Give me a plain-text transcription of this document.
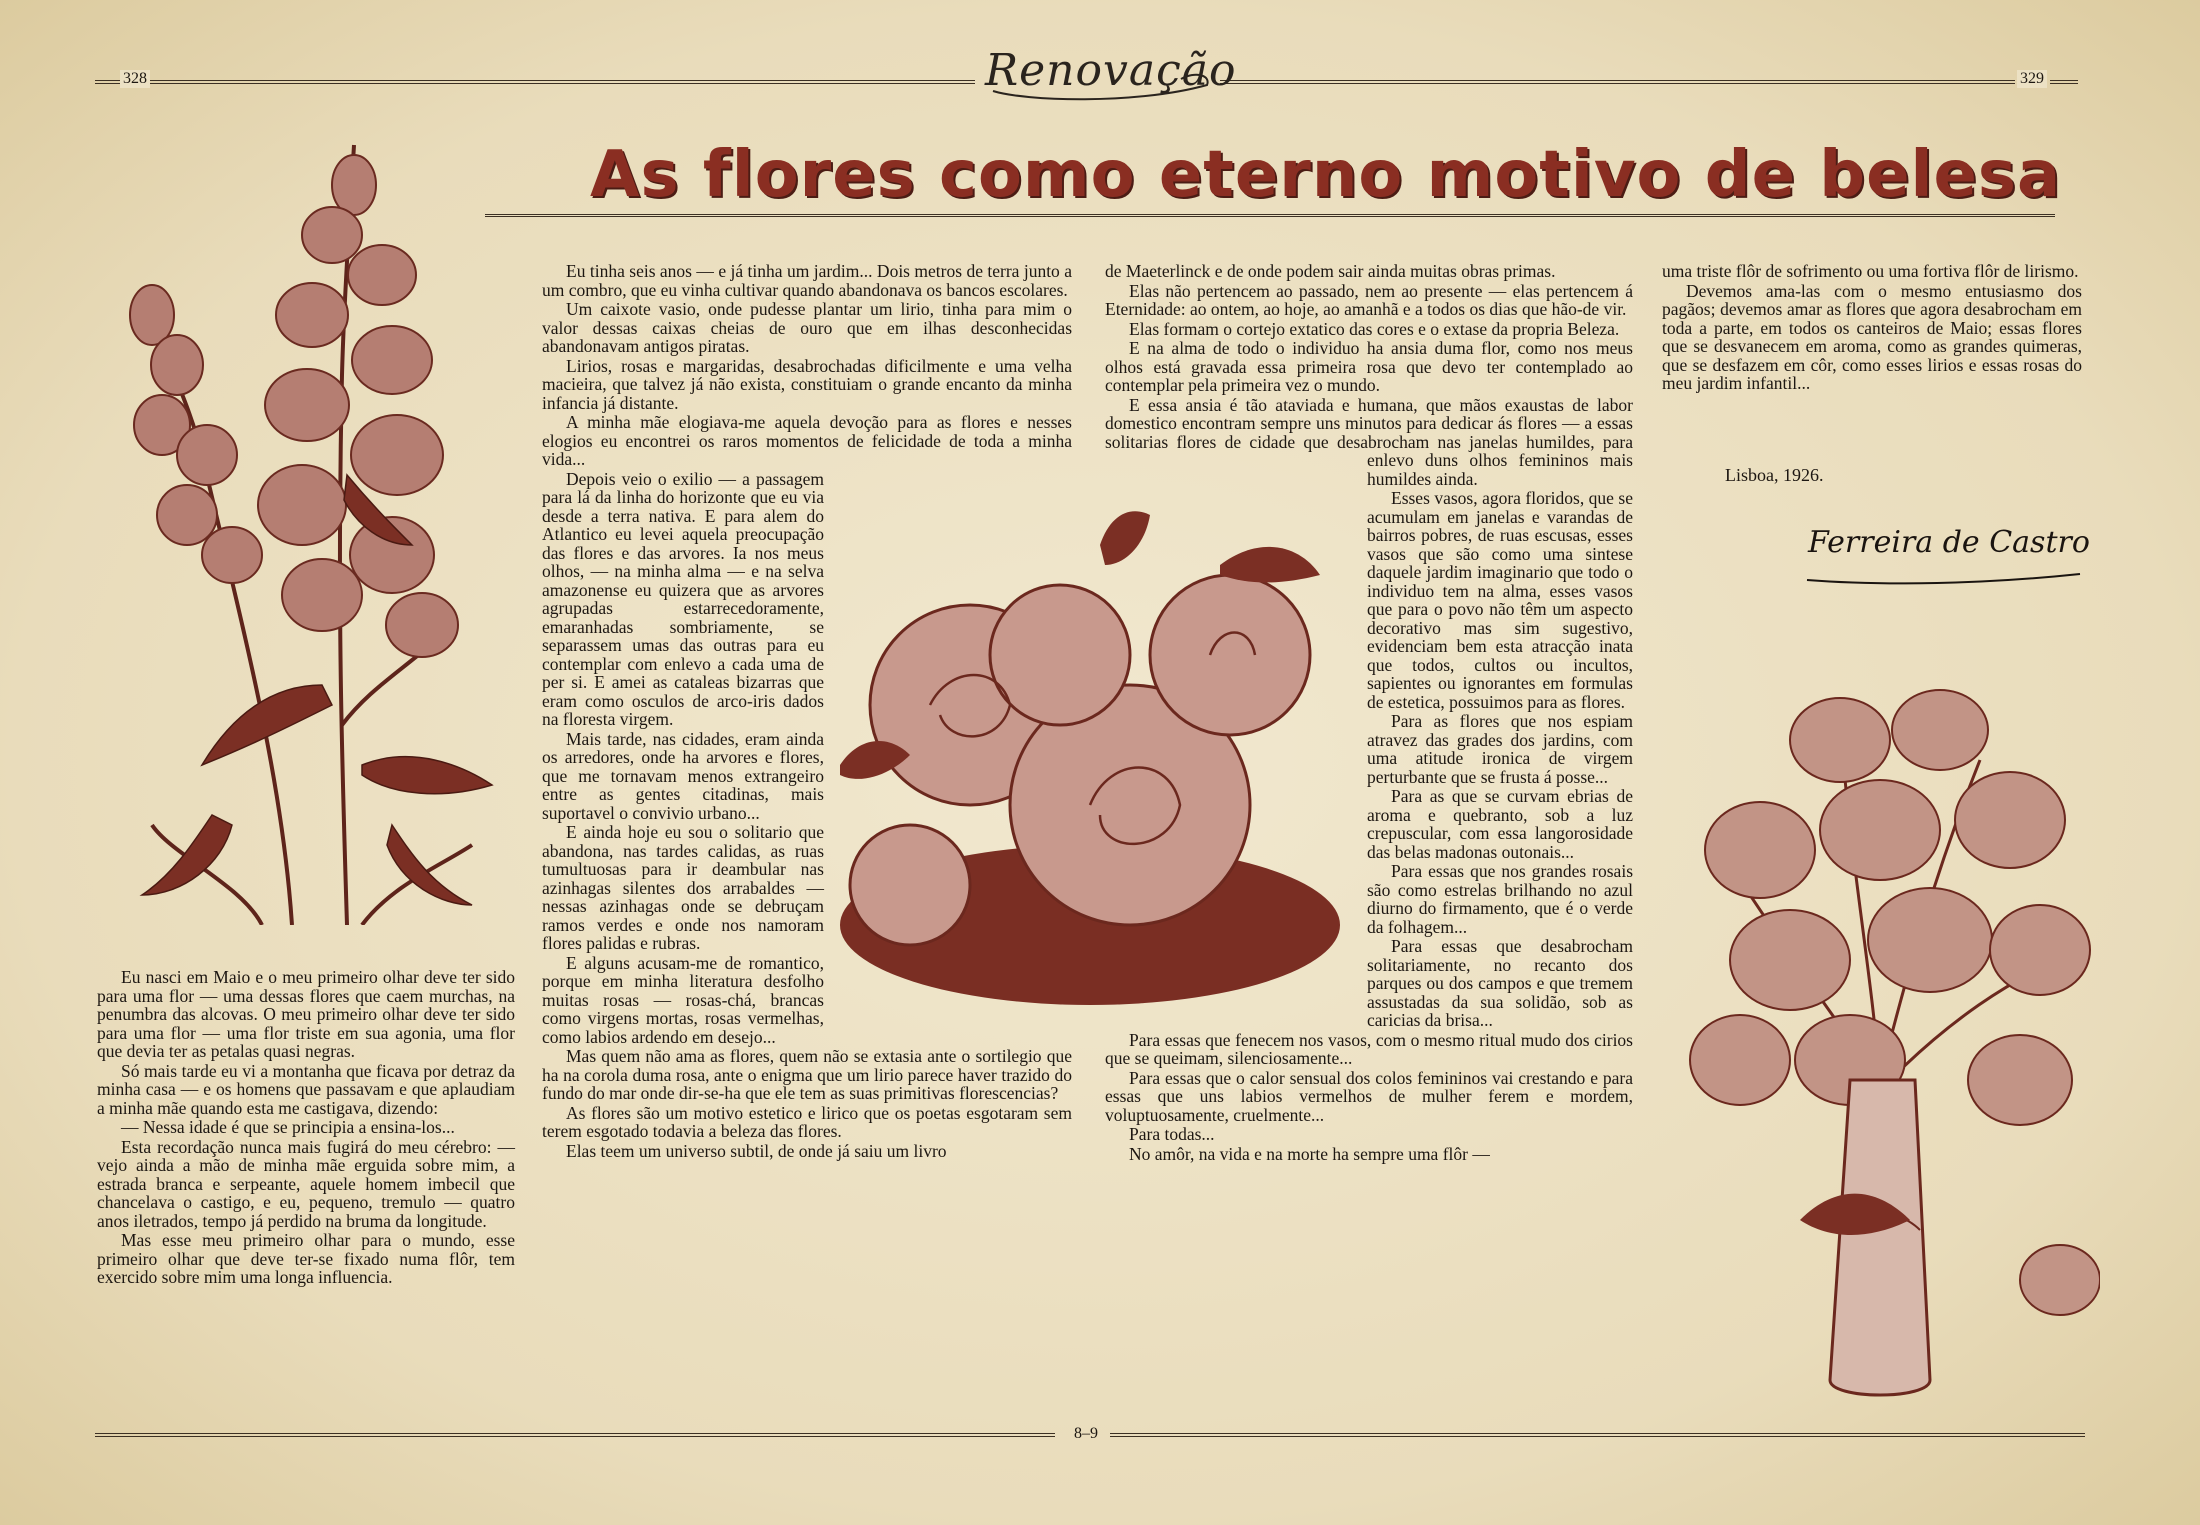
328	329
Renovação
As flores como eterno motivo de belesa

Eu nasci em Maio e o meu primeiro olhar deve ter sido para uma flor — uma dessas flores que caem murchas, na penumbra das alcovas. O meu primeiro olhar deve ter sido para uma flor — uma flor triste em sua agonia, uma flor que devia ter as petalas quasi negras.

Só mais tarde eu vi a montanha que ficava por detraz da minha casa — e os homens que passavam e que aplaudiam a minha mãe quando esta me castigava, dizendo:

— Nessa idade é que se principia a ensina-los...

Esta recordação nunca mais fugirá do meu cérebro: — vejo ainda a mão de minha mãe erguida sobre mim, a estrada branca e serpeante, aquele homem imbecil que chancelava o castigo, e eu, pequeno, tremulo — quatro anos iletrados, tempo já perdido na bruma da longitude.

Mas esse meu primeiro olhar para o mundo, esse primeiro olhar que deve ter-se fixado numa flôr, tem exercido sobre mim uma longa influencia.

Eu tinha seis anos — e já tinha um jardim... Dois metros de terra junto a um combro, que eu vinha cultivar quando abandonava os bancos escolares.

Um caixote vasio, onde pudesse plantar um lirio, tinha para mim o valor dessas caixas cheias de ouro que em ilhas desconhecidas abandonavam antigos piratas.

Lirios, rosas e margaridas, desabrochadas dificilmente e uma velha macieira, que talvez já não exista, constituiam o grande encanto da minha infancia já distante.

A minha mãe elogiava-me aquela devoção para as flores e nesses elogios eu encontrei os raros momentos de felicidade de toda a minha vida...

Depois veio o exilio — a passagem para lá da linha do horizonte que eu via desde a terra nativa. E para alem do Atlantico eu levei aquela preocupação das flores e das arvores. Ia nos meus olhos, — na minha alma — e na selva amazonense eu quizera que as arvores agrupadas estarrecedoramente, emaranhadas sombriamente, se separassem umas das outras para eu contemplar com enlevo a cada uma de per si. E amei as cataleas bizarras que eram como osculos de arco-iris dados na floresta virgem.

Mais tarde, nas cidades, eram ainda os arredores, onde ha arvores e flores, que me tornavam menos extrangeiro entre as gentes citadinas, mais suportavel o convivio urbano...

E ainda hoje eu sou o solitario que abandona, nas tardes calidas, as ruas tumultuosas para ir deambular nas azinhagas silentes dos arrabaldes — nessas azinhagas onde se debruçam ramos verdes e onde nos namoram flores palidas e rubras.

E alguns acusam-me de romantico, porque em minha literatura desfolho muitas rosas — rosas-chá, brancas como virgens mortas, rosas vermelhas, como labios ardendo em desejo...

Mas quem não ama as flores, quem não se extasia ante o sortilegio que ha na corola duma rosa, ante o enigma que um lirio parece haver trazido do fundo do mar onde dir-se-ha que ele tem as suas primitivas florescencias?

As flores são um motivo estetico e lirico que os poetas esgotaram sem terem esgotado todavia a beleza das flores.

Elas teem um universo subtil, de onde já saiu um livro

de Maeterlinck e de onde podem sair ainda muitas obras primas.

Elas não pertencem ao passado, nem ao presente — elas pertencem á Eternidade: ao ontem, ao hoje, ao amanhã e a todos os dias que hão-de vir.

Elas formam o cortejo extatico das cores e o extase da propria Beleza.

E na alma de todo o individuo ha ansia duma flor, como nos meus olhos está gravada essa primeira rosa que devo ter contemplado ao contemplar pela primeira vez o mundo.

E essa ansia é tão ataviada e humana, que mãos exaustas de labor domestico encontram sempre uns minutos para dedicar ás flores — a essas solitarias flores de cidade que desabrocham nas janelas humildes, para enlevo duns olhos femininos mais humildes ainda.

Esses vasos, agora floridos, que se acumulam em janelas e varandas de bairros pobres, de ruas escusas, esses vasos que são como uma sintese daquele jardim imaginario que todo o individuo tem na alma, esses vasos que para o povo não têm um aspecto decorativo mas sim sugestivo, evidenciam bem esta atracção inata que todos, cultos ou incultos, sapientes ou ignorantes em formulas de estetica, possuimos para as flores.

Para as flores que nos espiam atravez das grades dos jardins, com uma atitude ironica de virgem perturbante que se frusta á posse...

Para as que se curvam ebrias de aroma e quebranto, sob a luz crepuscular, com essa langorosidade das belas madonas outonais...

Para essas que nos grandes rosais são como estrelas brilhando no azul diurno do firmamento, que é o verde da folhagem...

Para essas que desabrocham solitariamente, no recanto dos parques ou dos campos e que tremem assustadas da sua solidão, sob as caricias da brisa...

Para essas que fenecem nos vasos, com o mesmo ritual mudo dos cirios que se queimam, silenciosamente...

Para essas que o calor sensual dos colos femininos vai crestando e para essas que uns labios vermelhos de mulher ferem e mordem, voluptuosamente, cruelmente...

Para todas...

No amôr, na vida e na morte ha sempre uma flôr —

uma triste flôr de sofrimento ou uma fortiva flôr de lirismo.

Devemos ama-las com o mesmo entusiasmo dos pagãos; devemos amar as flores que agora desabrocham em toda a parte, em todos os canteiros de Maio; essas flores que se desvanecem em aroma, como as grandes quimeras, que se desfazem em côr, como esses lirios e essas rosas do meu jardim infantil...

Lisboa, 1926.
Ferreira de Castro
8–9
